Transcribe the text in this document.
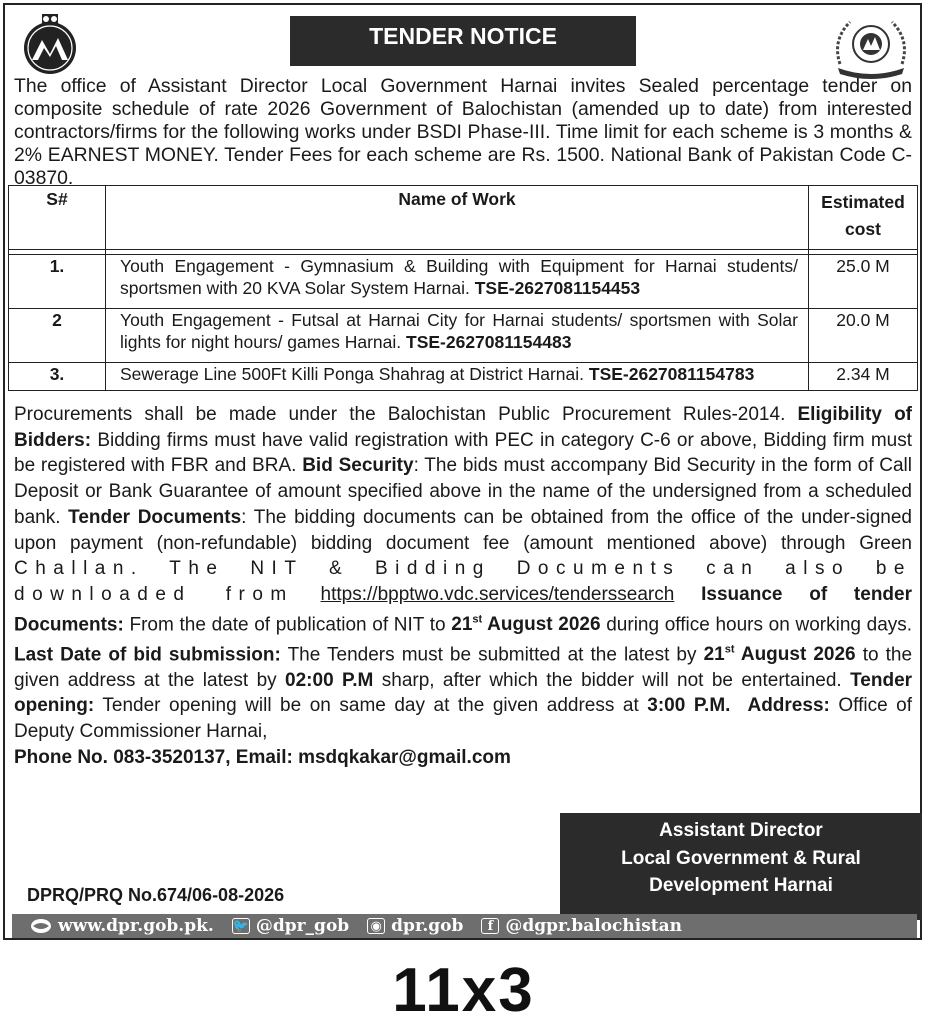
TENDER NOTICE
The office of Assistant Director Local Government Harnai invites Sealed percentage tender on composite schedule of rate 2026 Government of Balochistan (amended up to date) from interested contractors/firms for the following works under BSDI Phase-III. Time limit for each scheme is 3 months & 2% EARNEST MONEY. Tender Fees for each scheme are Rs. 1500. National Bank of Pakistan Code C-03870.
S#	Name of Work	Estimated cost

1.	Youth Engagement - Gymnasium & Building with Equipment for Harnai students/ sportsmen with 20 KVA Solar System Harnai. TSE-2627081154453	25.0 M
2	Youth Engagement - Futsal at Harnai City for Harnai students/ sportsmen with Solar lights for night hours/ games Harnai. TSE-2627081154483	20.0 M
3.	Sewerage Line 500Ft Killi Ponga Shahrag at District Harnai. TSE-2627081154783	2.34 M
Procurements shall be made under the Balochistan Public Procurement Rules-2014. Eligibility of Bidders: Bidding firms must have valid registration with PEC in category C-6 or above, Bidding firm must be registered with FBR and BRA. Bid Security: The bids must accompany Bid Security in the form of Call Deposit or Bank Guarantee of amount specified above in the name of the undersigned from a scheduled bank. Tender Documents: The bidding documents can be obtained from the office of the under-signed upon payment (non-refundable) bidding document fee (amount mentioned above) through Green Challan. The NIT & Bidding Documents can also be downloaded from https://bpptwo.vdc.services/tenderssearch Issuance of tender Documents: From the date of publication of NIT to 21st August 2026 during office hours on working days. Last Date of bid submission: The Tenders must be submitted at the latest by 21st August 2026 to the given address at the latest by 02:00 P.M sharp, after which the bidder will not be entertained. Tender opening: Tender opening will be on same day at the given address at 3:00 P.M. Address: Office of Deputy Commissioner Harnai,
Phone No. 083-3520137, Email: msdqkakar@gmail.com
Assistant Director
Local Government & Rural
Development Harnai
DPRQ/PRQ No.674/06-08-2026
www.dpr.gob.pk. 🐦 @dpr_gob ◉ dpr.gob	f @dgpr.balochistan
11x3
